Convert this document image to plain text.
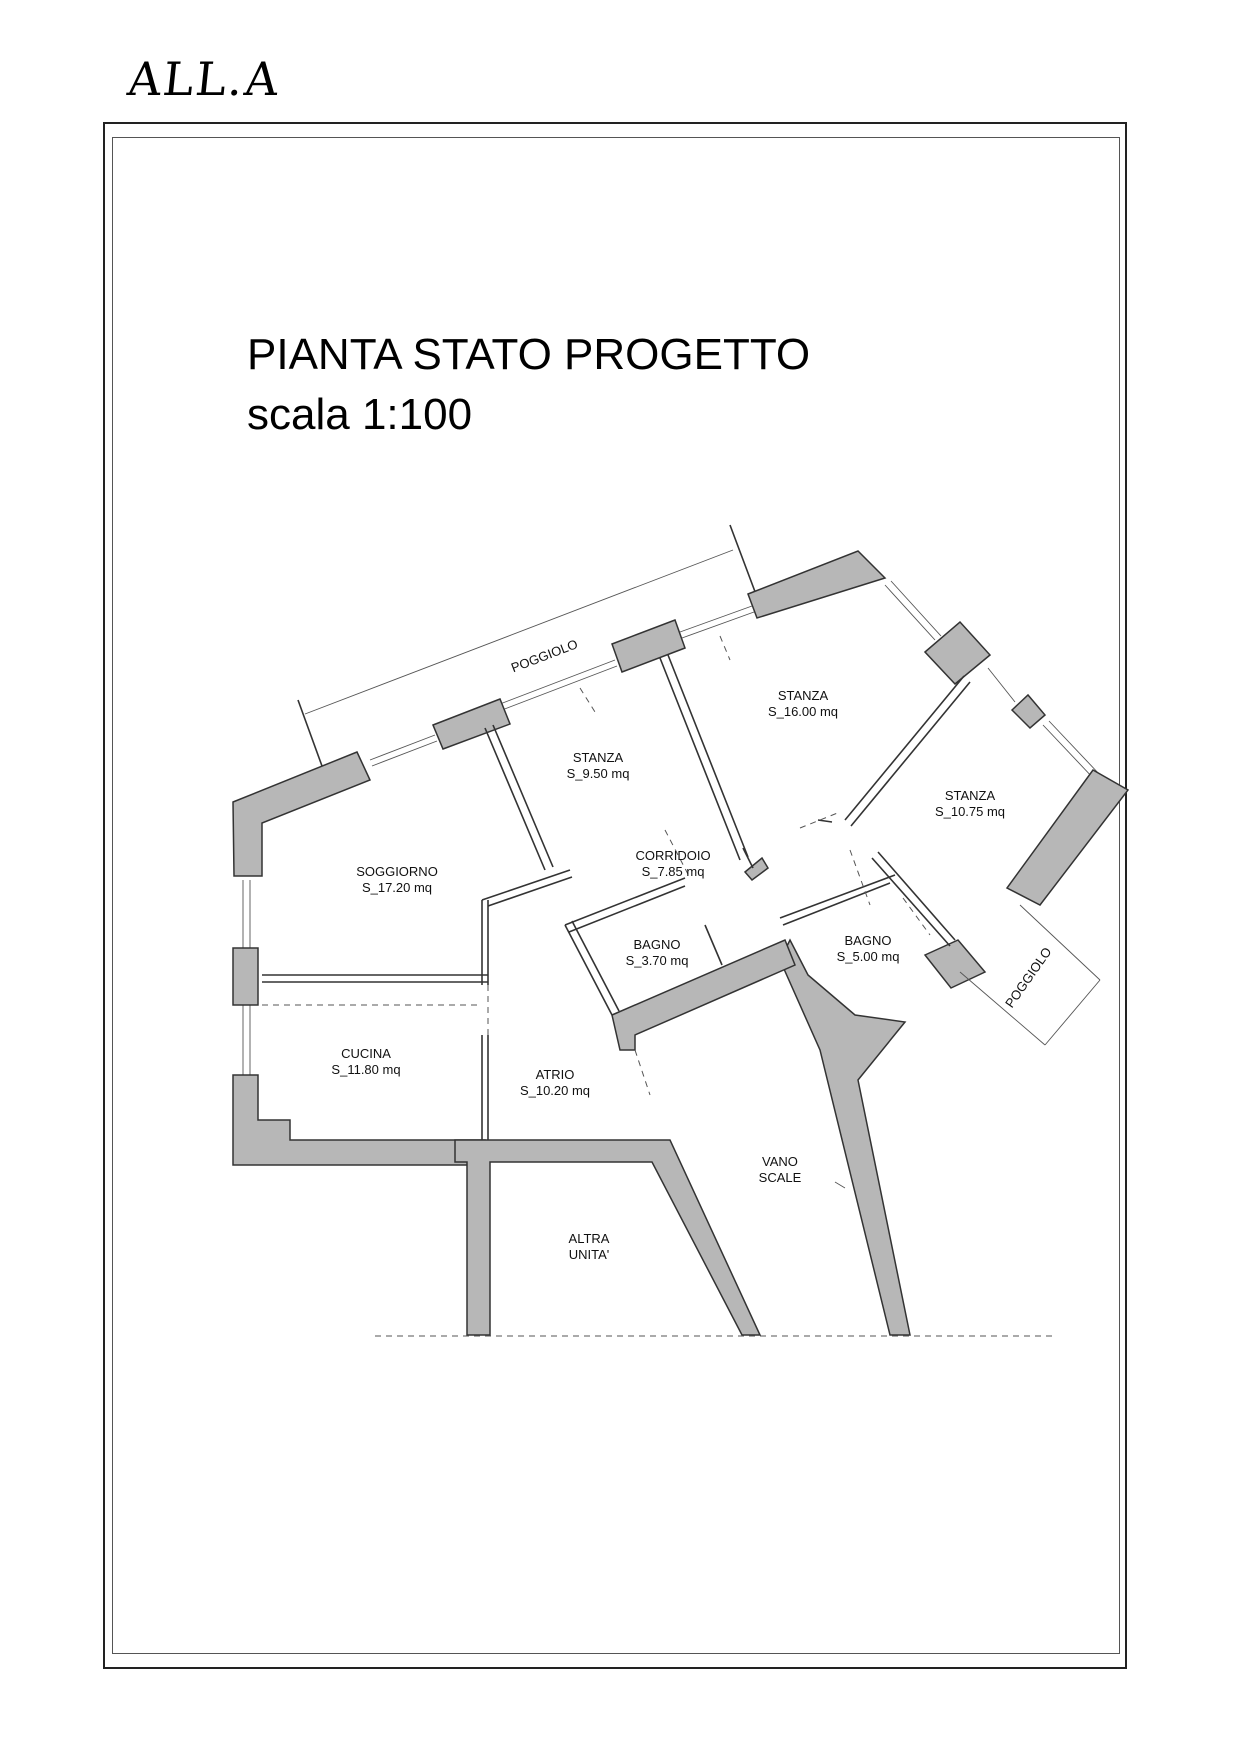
ALL.A
PIANTA STATO PROGETTO
scala 1:100
STANZA
S_9.50 mq
STANZA
S_16.00 mq
STANZA
S_10.75 mq
SOGGIORNO
S_17.20 mq
CORRIDOIO
S_7.85 mq
BAGNO
S_3.70 mq
BAGNO
S_5.00 mq
CUCINA
S_11.80 mq	ATRIO
S_10.20 mq
VANO
SCALE
ALTRA
UNITA'
POGGIOLO
POGGIOLO
